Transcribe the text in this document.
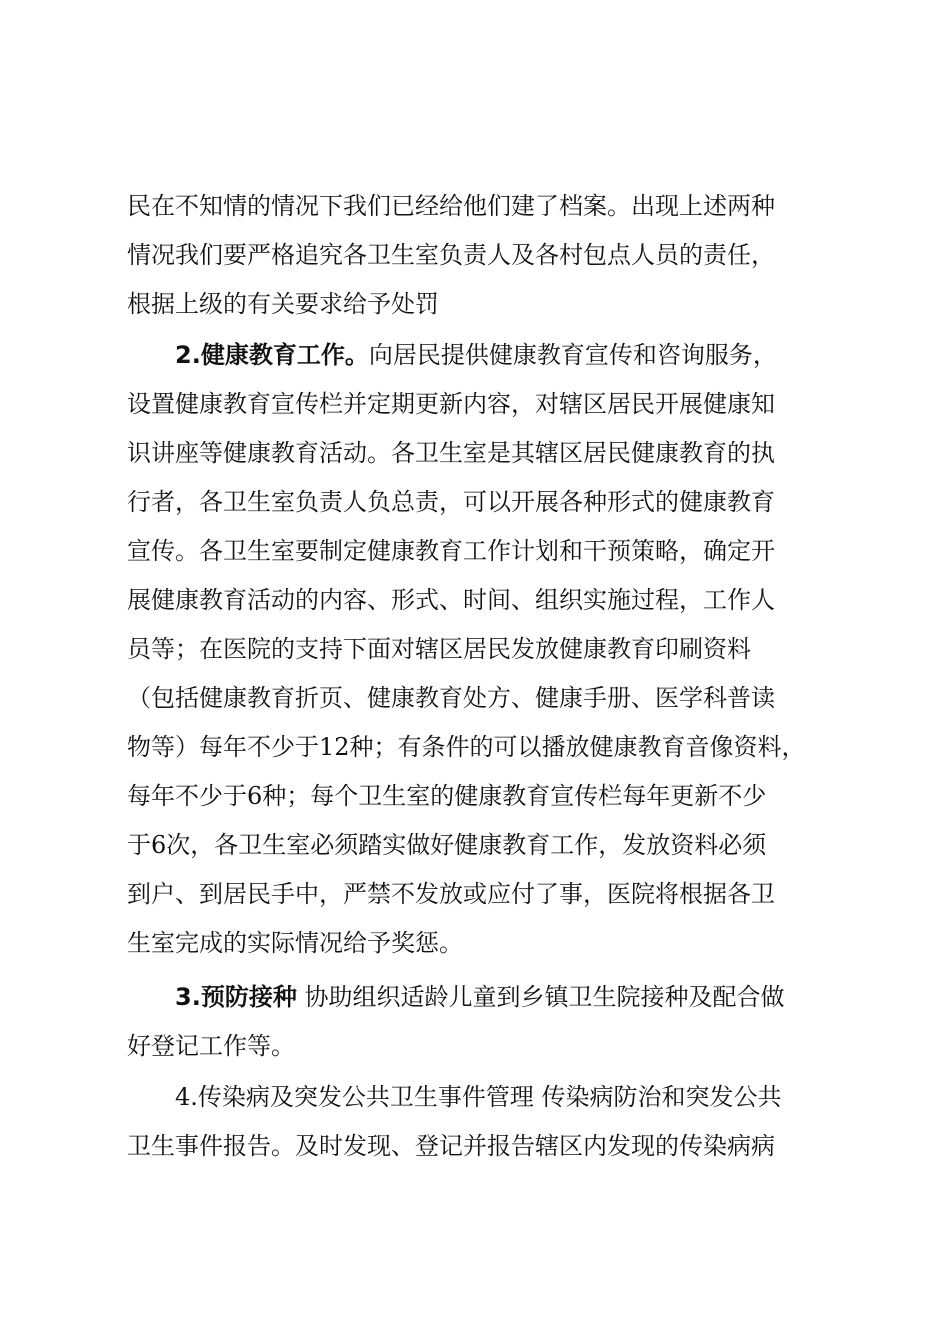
民在不知情的情况下我们已经给他们建了档案。出现上述两种
情况我们要严格追究各卫生室负责人及各村包点人员的责任，
根据上级的有关要求给予处罚
2.健康教育工作。向居民提供健康教育宣传和咨询服务，
设置健康教育宣传栏并定期更新内容，对辖区居民开展健康知
识讲座等健康教育活动。各卫生室是其辖区居民健康教育的执
行者，各卫生室负责人负总责，可以开展各种形式的健康教育
宣传。各卫生室要制定健康教育工作计划和干预策略，确定开
展健康教育活动的内容、形式、时间、组织实施过程，工作人
员等；在医院的支持下面对辖区居民发放健康教育印刷资料
（包括健康教育折页、健康教育处方、健康手册、医学科普读
物等）每年不少于12种；有条件的可以播放健康教育音像资料，
每年不少于6种；每个卫生室的健康教育宣传栏每年更新不少
于6次，各卫生室必须踏实做好健康教育工作，发放资料必须
到户、到居民手中，严禁不发放或应付了事，医院将根据各卫
生室完成的实际情况给予奖惩。
3.预防接种 协助组织适龄儿童到乡镇卫生院接种及配合做
好登记工作等。
4.传染病及突发公共卫生事件管理 传染病防治和突发公共
卫生事件报告。及时发现、登记并报告辖区内发现的传染病病
